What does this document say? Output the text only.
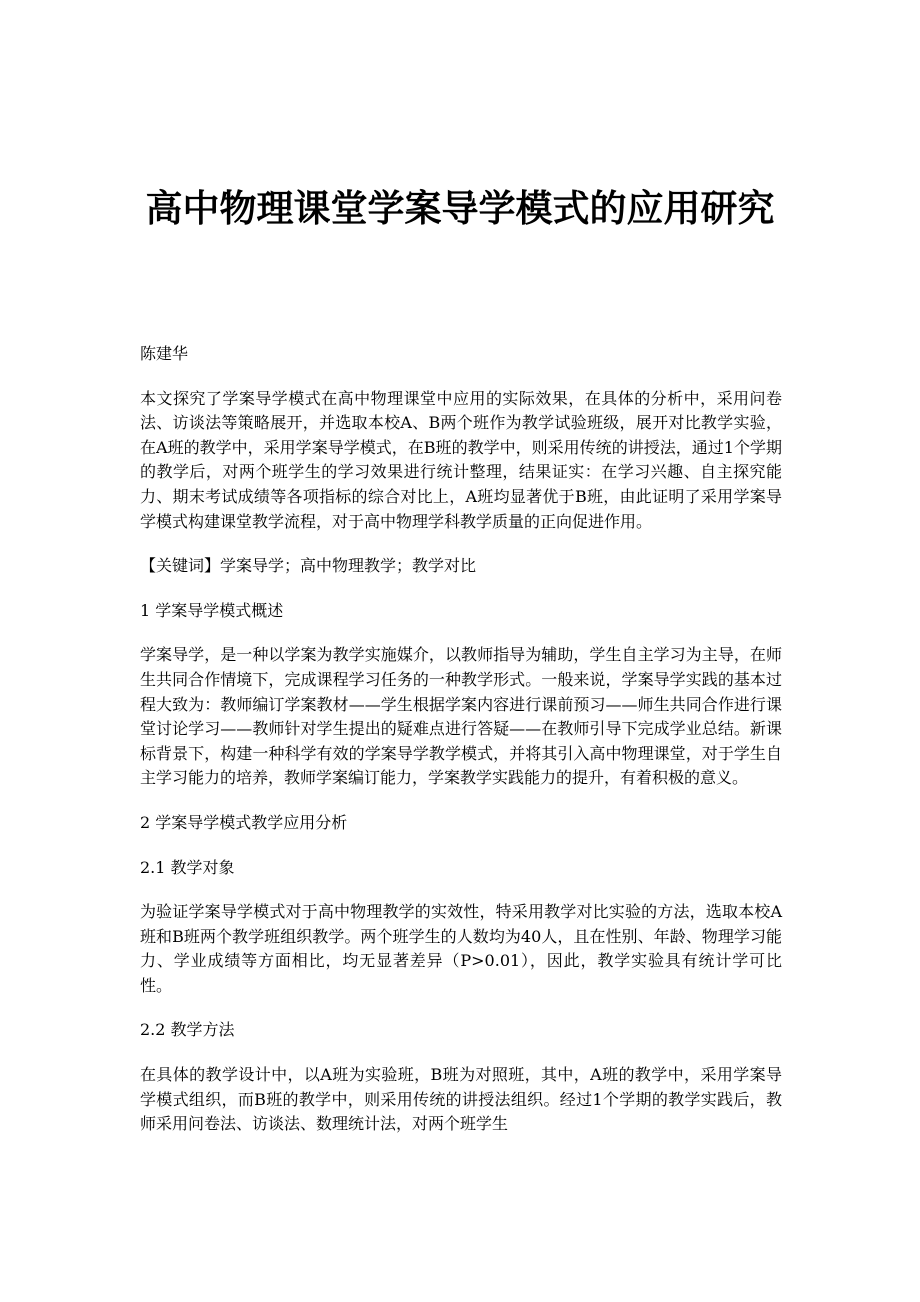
高中物理课堂学案导学模式的应用研究

陈建华

本文探究了学案导学模式在高中物理课堂中应用的实际效果，在具体的分析中，采用问卷法、访谈法等策略展开，并选取本校A、B两个班作为教学试验班级，展开对比教学实验，在A班的教学中，采用学案导学模式，在B班的教学中，则采用传统的讲授法，通过1个学期的教学后，对两个班学生的学习效果进行统计整理，结果证实：在学习兴趣、自主探究能力、期末考试成绩等各项指标的综合对比上，A班均显著优于B班，由此证明了采用学案导学模式构建课堂教学流程，对于高中物理学科教学质量的正向促进作用。

【关键词】学案导学；高中物理教学；教学对比

1 学案导学模式概述

学案导学，是一种以学案为教学实施媒介，以教师指导为辅助，学生自主学习为主导，在师生共同合作情境下，完成课程学习任务的一种教学形式。一般来说，学案导学实践的基本过程大致为：教师编订学案教材——学生根据学案内容进行课前预习——师生共同合作进行课堂讨论学习——教师针对学生提出的疑难点进行答疑——在教师引导下完成学业总结。新课标背景下，构建一种科学有效的学案导学教学模式，并将其引入高中物理课堂，对于学生自主学习能力的培养，教师学案编订能力，学案教学实践能力的提升，有着积极的意义。

2 学案导学模式教学应用分析

2.1 教学对象

为验证学案导学模式对于高中物理教学的实效性，特采用教学对比实验的方法，选取本校A班和B班两个教学班组织教学。两个班学生的人数均为40人，且在性别、年龄、物理学习能力、学业成绩等方面相比，均无显著差异（P>0.01），因此，教学实验具有统计学可比性。

2.2 教学方法

在具体的教学设计中，以A班为实验班，B班为对照班，其中，A班的教学中，采用学案导学模式组织，而B班的教学中，则采用传统的讲授法组织。经过1个学期的教学实践后，教师采用问卷法、访谈法、数理统计法，对两个班学生
